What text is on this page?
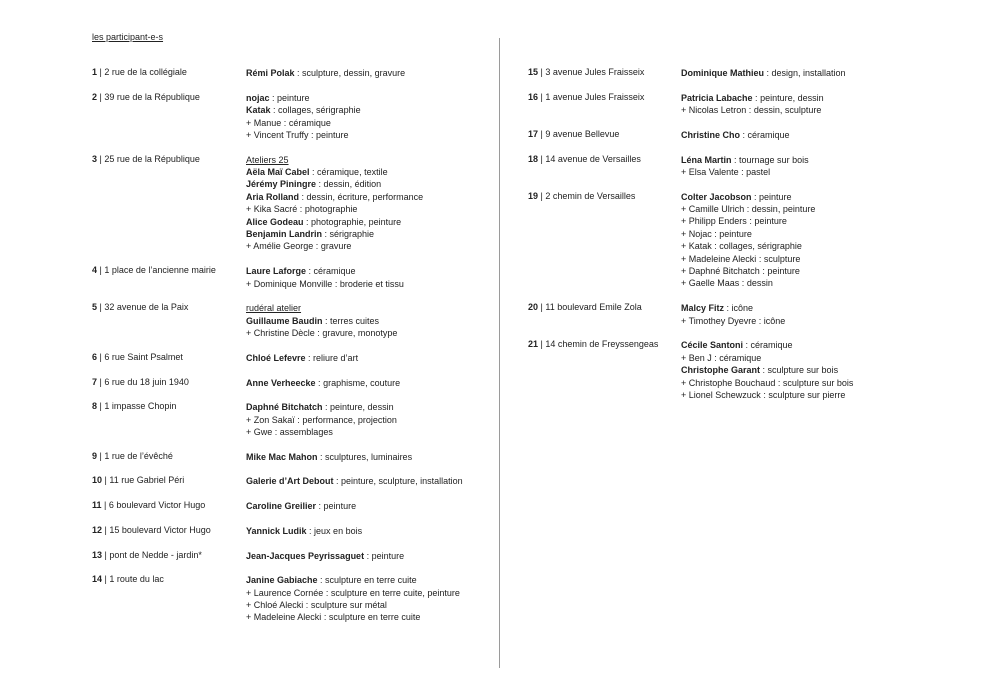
les participant-e-s
1 | 2 rue de la collégiale	Rémi Polak : sculpture, dessin, gravure
2 | 39 rue de la République	nojac : peinture
Katak : collages, sérigraphie
+ Manue : céramique
+ Vincent Truffy : peinture
3 | 25 rue de la République	Ateliers 25
Aëla Maï Cabel : céramique, textile
Jérémy Piningre : dessin, édition
Aria Rolland : dessin, écriture, performance
+ Kika Sacré : photographie
Alice Godeau : photographie, peinture
Benjamin Landrin : sérigraphie
+ Amélie George : gravure
4 | 1 place de l’ancienne mairie	Laure Laforge : céramique
+ Dominique Monville : broderie et tissu
5 | 32 avenue de la Paix	rudéral atelier
Guillaume Baudin : terres cuites
+ Christine Dècle : gravure, monotype
6 | 6 rue Saint Psalmet	Chloé Lefevre : reliure d’art
7 | 6 rue du 18 juin 1940	Anne Verheecke : graphisme, couture
8 | 1 impasse Chopin	Daphné Bitchatch : peinture, dessin
+ Zon Sakaï : performance, projection
+ Gwe : assemblages
9 | 1 rue de l’évêché	Mike Mac Mahon : sculptures, luminaires
10 | 11 rue Gabriel Péri	Galerie d’Art Debout : peinture, sculpture, installation
11 | 6 boulevard Victor Hugo	Caroline Greilier : peinture
12 | 15 boulevard Victor Hugo	Yannick Ludik : jeux en bois
13 | pont de Nedde - jardin*	Jean-Jacques Peyrissaguet : peinture
14 | 1 route du lac	Janine Gabiache : sculpture en terre cuite
+ Laurence Cornée : sculpture en terre cuite, peinture
+ Chloé Alecki : sculpture sur métal
+ Madeleine Alecki : sculpture en terre cuite
15 | 3 avenue Jules Fraisseix	Dominique Mathieu : design, installation
16 | 1 avenue Jules Fraisseix	Patricia Labache : peinture, dessin
+ Nicolas Letron : dessin, sculpture
17 | 9 avenue Bellevue	Christine Cho : céramique
18 | 14 avenue de Versailles	Léna Martin : tournage sur bois
+ Elsa Valente : pastel
19 | 2 chemin de Versailles	Colter Jacobson : peinture
+ Camille Ulrich : dessin, peinture
+ Philipp Enders : peinture
+ Nojac : peinture
+ Katak : collages, sérigraphie
+ Madeleine Alecki : sculpture
+ Daphné Bitchatch : peinture
+ Gaelle Maas : dessin
20 | 11 boulevard Emile Zola	Malcy Fitz : icône
+ Timothey Dyevre : icône
21 | 14 chemin de Freyssengeas	Cécile Santoni : céramique
+ Ben J : céramique
Christophe Garant : sculpture sur bois
+ Christophe Bouchaud : sculpture sur bois
+ Lionel Schewzuck : sculpture sur pierre
